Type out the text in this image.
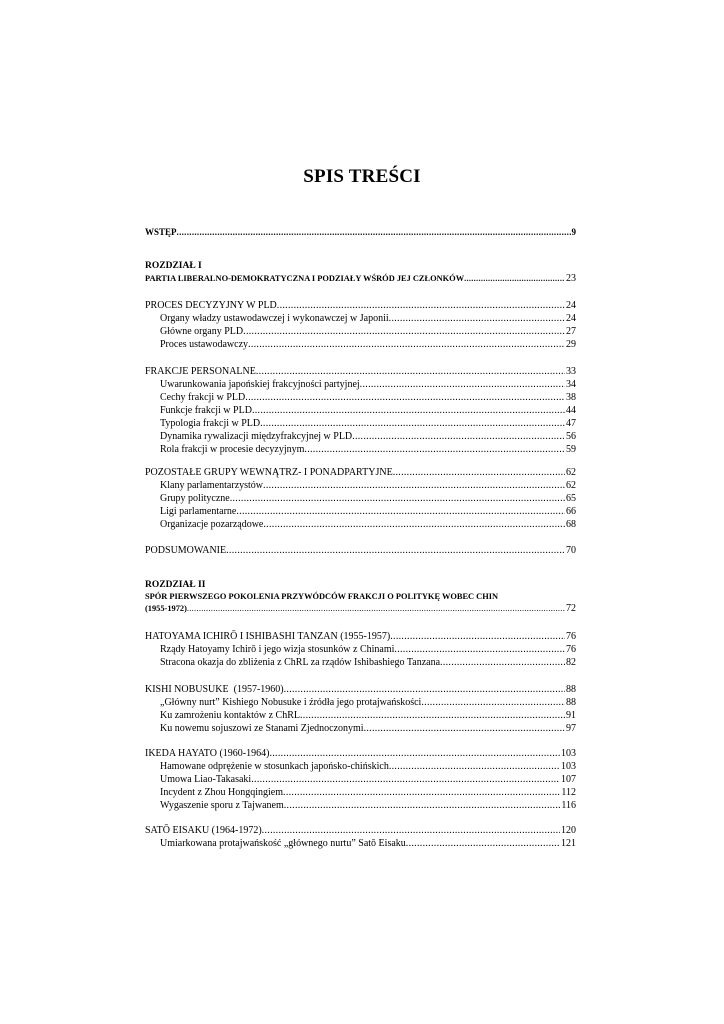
SPIS TREŚCI
WSTĘP .....	9
ROZDZIAŁ I
PARTIA LIBERALNO-DEMOKRATYCZNA I PODZIAŁY WŚRÓD JEJ CZŁONKÓW .....	23
PROCES DECYZYJNY W PLD .....	24
Organy władzy ustawodawczej i wykonawczej w Japonii .....	24
Główne organy PLD .....	27
Proces ustawodawczy .....	29
FRAKCJE PERSONALNE .....	33
Uwarunkowania japońskiej frakcyjności partyjnej .....	34
Cechy frakcji w PLD .....	38
Funkcje frakcji w PLD .....	44
Typologia frakcji w PLD .....	47
Dynamika rywalizacji międzyfrakcyjnej w PLD .....	56
Rola frakcji w procesie decyzyjnym .....	59
POZOSTAŁE GRUPY WEWNĄTRZ- I PONADPARTYJNE .....	62
Klany parlamentarzystów .....	62
Grupy polityczne .....	65
Ligi parlamentarne .....	66
Organizacje pozarządowe .....	68
PODSUMOWANIE .....	70
ROZDZIAŁ II
SPÓR PIERWSZEGO POKOLENIA PRZYWÓDCÓW FRAKCJI O POLITYKĘ WOBEC CHIN
(1955-1972) .....	72
HATOYAMA ICHIRŌ I ISHIBASHI TANZAN (1955-1957) .....	76
Rządy Hatoyamy Ichirō i jego wizja stosunków z Chinami .....	76
Stracona okazja do zbliżenia z ChRL za rządów Ishibashiego Tanzana .....	82
KISHI NOBUSUKE  (1957-1960) .....	88
„Główny nurt” Kishiego Nobusuke i źródła jego protajwańskości .....	88
Ku zamrożeniu kontaktów z ChRL .....	91
Ku nowemu sojuszowi ze Stanami Zjednoczonymi .....	97
IKEDA HAYATO (1960-1964) .....	103
Hamowane odprężenie w stosunkach japońsko-chińskich .....	103
Umowa Liao-Takasaki .....	107
Incydent z Zhou Hongqingiem .....	112
Wygaszenie sporu z Tajwanem .....	116
SATŌ EISAKU (1964-1972) .....	120
Umiarkowana protajwańskość „głównego nurtu” Satō Eisaku .....	121
